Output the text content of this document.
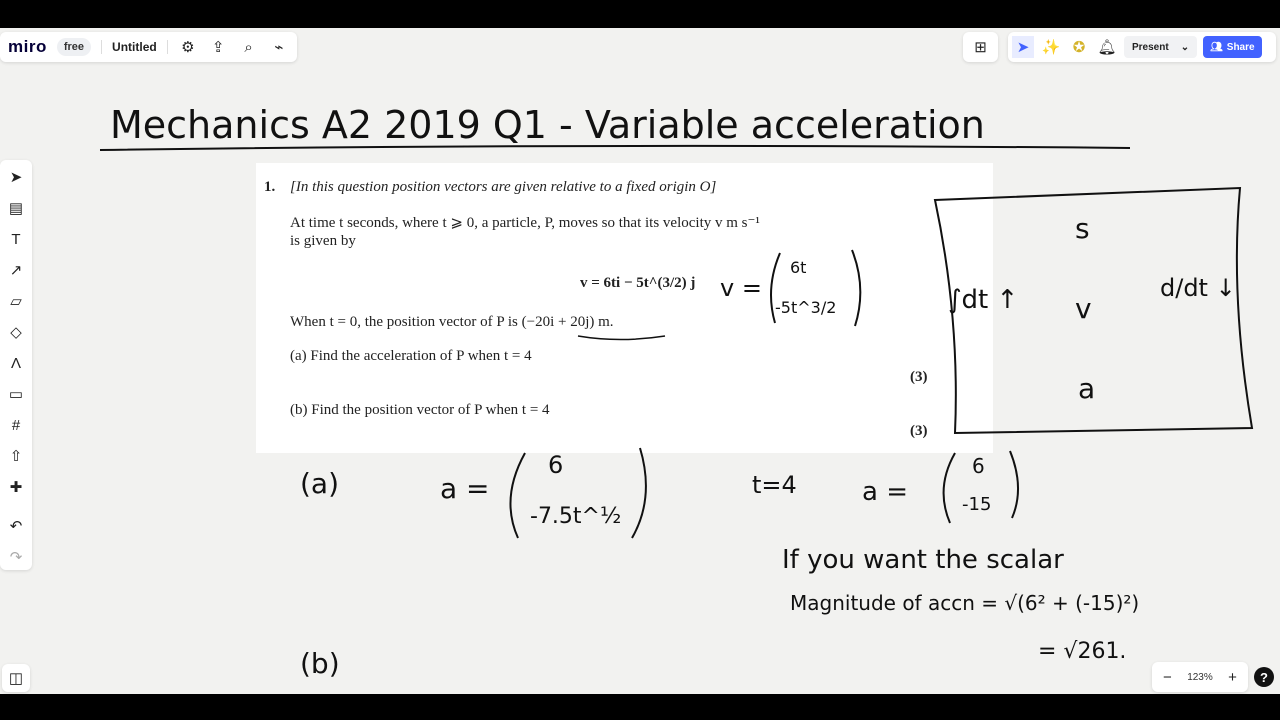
1. [In this question position vectors are given relative to a fixed origin O]
At time t seconds, where t ⩾ 0, a particle, P, moves so that its velocity v m s⁻¹
is given by
v = 6ti − 5t^(3/2) j
When t = 0, the position vector of P is (−20i + 20j) m.
(a) Find the acceleration of P when t = 4
(b) Find the position vector of P when t = 4
(3)
(3)
Mechanics A2 2019 Q1 - Variable acceleration
s
v
a
∫dt ↑	d/dt ↓
v =
6t
-5t^3/2
(a)	a =
6
-7.5t^½
t=4	a =
6
-15
If you want the scalar
Magnitude of accn = √(6² + (-15)²)
= √261.
(b)
miro	free	Untitled	⚙ ⇪	⌕	⌁	⊞	➤ ✨ ✪ 🔔︎ Present ⌄ 👥︎ Share
➤
▤
T
↗
▱
◇
Λ
▭
#
⇧
✚
↶
↷
◫	−	123%	+	?
